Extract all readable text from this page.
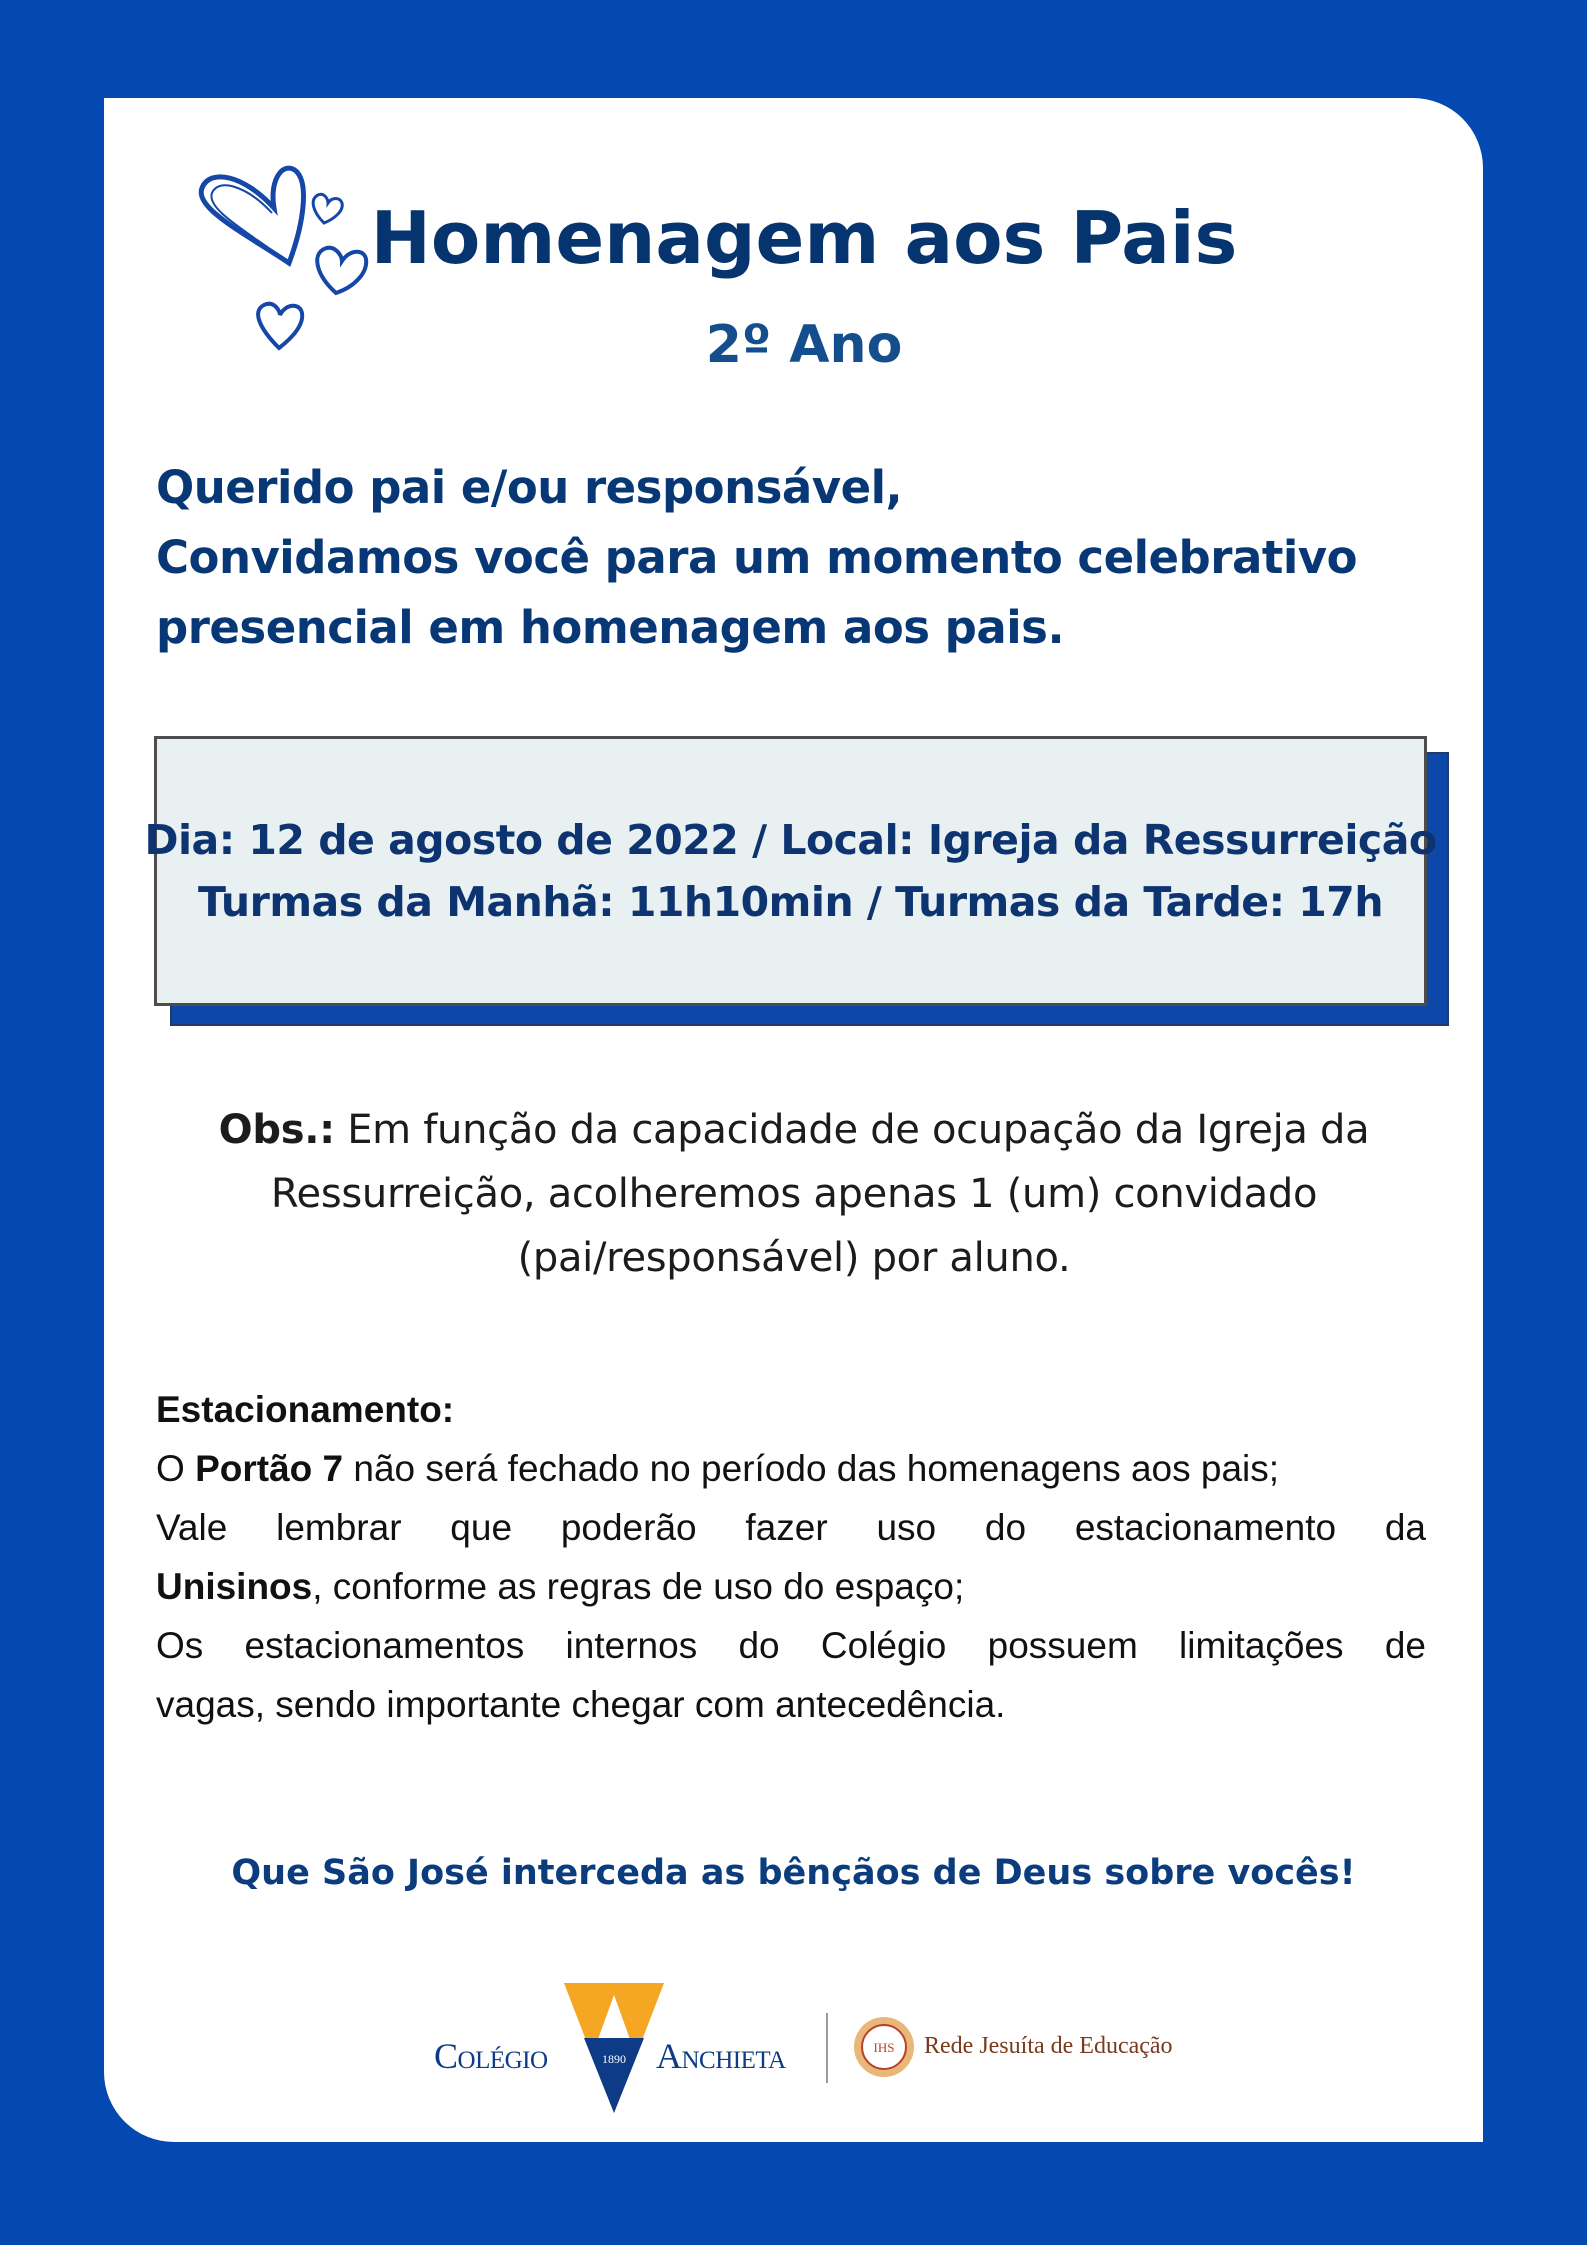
Homenagem aos Pais
2º Ano
Querido pai e/ou responsável,
Convidamos você para um momento celebrativo
presencial em homenagem aos pais.
Dia: 12 de agosto de 2022 / Local: Igreja da Ressurreição
Turmas da Manhã: 11h10min / Turmas da Tarde: 17h
Obs.: Em função da capacidade de ocupação da Igreja da
Ressurreição, acolheremos apenas 1 (um) convidado
(pai/responsável) por aluno.
Estacionamento:
O Portão 7 não será fechado no período das homenagens aos pais;
Vale lembrar que poderão fazer uso do estacionamento da
Unisinos, conforme as regras de uso do espaço;
Os estacionamentos internos do Colégio possuem limitações de
vagas, sendo importante chegar com antecedência.
Que São José interceda as bênçãos de Deus sobre vocês!
Colégio	1890 Anchieta	IHS Rede Jesuíta de Educação
